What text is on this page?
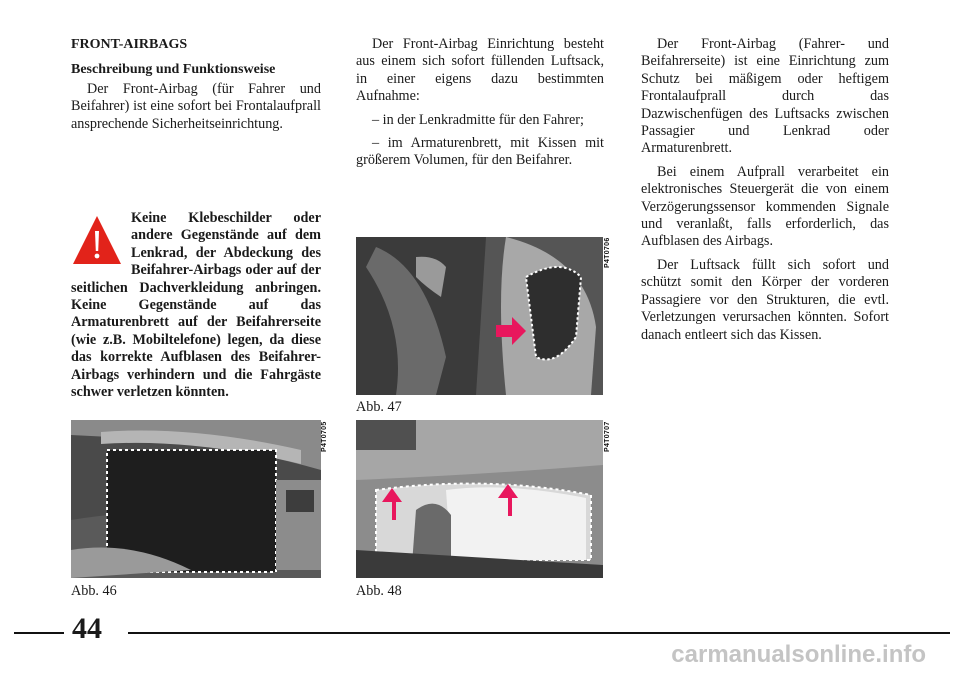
FRONT-AIRBAGS

Beschreibung und Funktionsweise

Der Front-Airbag (für Fahrer und Beifahrer) ist eine sofort bei Frontalaufprall ansprechende Sicherheitseinrichtung.

Keine Klebeschilder oder andere Gegenstände auf dem Lenkrad, der Abdeckung des Beifahrer-Airbags oder auf der seitlichen Dachverkleidung anbringen. Keine Gegenstände auf das Armaturenbrett auf der Beifahrerseite (wie z.B. Mobiltelefone) legen, da diese das korrekte Aufblasen des Beifahrer-Airbags verhindern und die Fahrgäste schwer verletzen könnten.
P4T0705
Abb. 46

Der Front-Airbag Einrichtung besteht aus einem sich sofort füllenden Luftsack, in einer eigens dazu bestimmten Aufnahme:

– in der Lenkradmitte für den Fahrer;

– im Armaturenbrett, mit Kissen mit größerem Volumen, für den Beifahrer.

P4T0706
Abb. 47
P4T0707
Abb. 48

Der Front-Airbag (Fahrer- und Beifahrerseite) ist eine Einrichtung zum Schutz bei mäßigem oder heftigem Frontalaufprall durch das Dazwischenfügen des Luftsacks zwischen Passagier und Lenkrad oder Armaturenbrett.

Bei einem Aufprall verarbeitet ein elektronisches Steuergerät die von einem Verzögerungssensor kommenden Signale und veranlaßt, falls erforderlich, das Aufblasen des Airbags.

Der Luftsack füllt sich sofort und schützt somit den Körper der vorderen Passagiere vor den Strukturen, die evtl. Verletzungen verursachen könnten. Sofort danach entleert sich das Kissen.

44
carmanualsonline.info
